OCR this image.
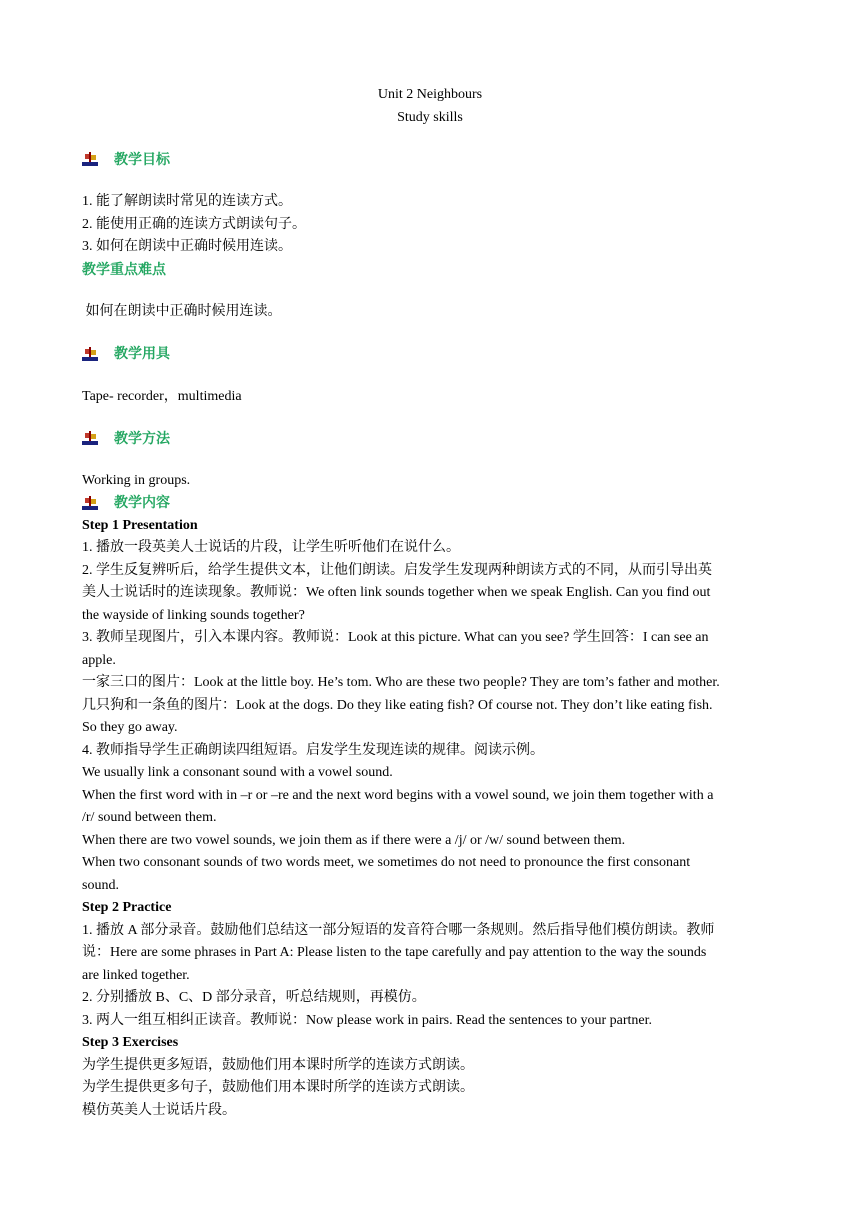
Unit 2 Neighbours

Study skills

教学目标

1. 能了解朗读时常见的连读方式。

2. 能使用正确的连读方式朗读句子。

3. 如何在朗读中正确时候用连读。

教学重点难点

如何在朗读中正确时候用连读。

教学用具

Tape- recorder，multimedia

教学方法

Working in groups.

教学内容

Step 1 Presentation

1. 播放一段英美人士说话的片段，让学生听听他们在说什么。

2. 学生反复辨听后，给学生提供文本，让他们朗读。启发学生发现两种朗读方式的不同，从而引导出英

美人士说话时的连读现象。教师说：We often link sounds together when we speak English. Can you find out

the wayside of linking sounds together?

3. 教师呈现图片，引入本课内容。教师说：Look at this picture. What can you see? 学生回答：I can see an

apple.

一家三口的图片：Look at the little boy. He’s tom. Who are these two people? They are tom’s father and mother.

几只狗和一条鱼的图片：Look at the dogs. Do they like eating fish? Of course not. They don’t like eating fish.

So they go away.

4. 教师指导学生正确朗读四组短语。启发学生发现连读的规律。阅读示例。

We usually link a consonant sound with a vowel sound.

When the first word with in –r or –re and the next word begins with a vowel sound, we join them together with a

/r/ sound between them.

When there are two vowel sounds, we join them as if there were a /j/ or /w/ sound between them.

When two consonant sounds of two words meet, we sometimes do not need to pronounce the first consonant

sound.

Step 2 Practice

1. 播放 A 部分录音。鼓励他们总结这一部分短语的发音符合哪一条规则。然后指导他们模仿朗读。教师

说：Here are some phrases in Part A: Please listen to the tape carefully and pay attention to the way the sounds

are linked together.

2. 分别播放 B、C、D 部分录音，听总结规则，再模仿。

3. 两人一组互相纠正读音。教师说：Now please work in pairs. Read the sentences to your partner.

Step 3 Exercises

为学生提供更多短语，鼓励他们用本课时所学的连读方式朗读。

为学生提供更多句子，鼓励他们用本课时所学的连读方式朗读。

模仿英美人士说话片段。
